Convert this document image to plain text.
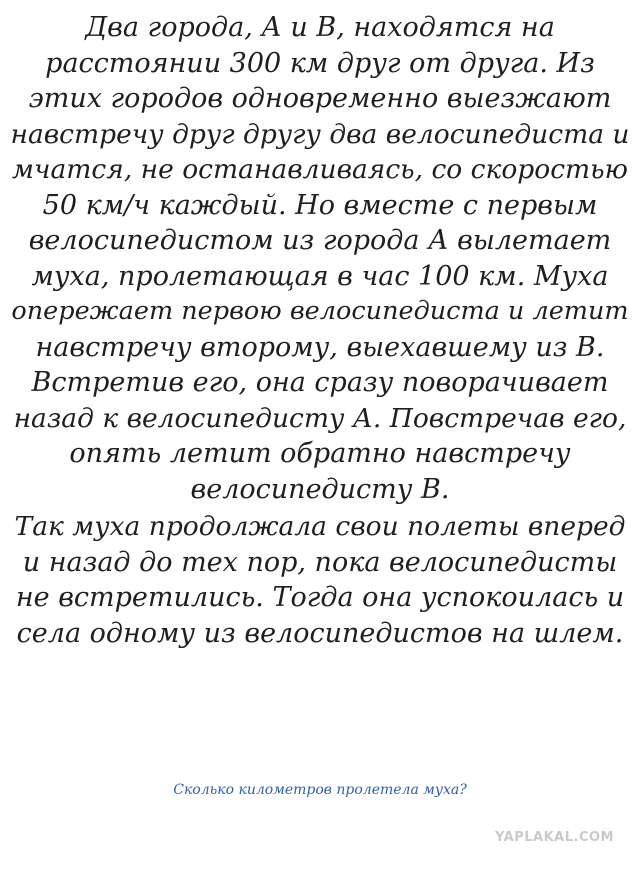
Два города, А и В, находятся на
расстоянии 300 км друг от друга. Из
этих городов одновременно выезжают
навстречу друг другу два велосипедиста и
мчатся, не останавливаясь, со скоростью
50 км/ч каждый. Но вместе с первым
велосипедистом из города А вылетает
муха, пролетающая в час 100 км. Муха
опережает первою велосипедиста и летит
навстречу второму, выехавшему из В.
Встретив его, она сразу поворачивает
назад к велосипедисту А. Повстречав его,
опять летит обратно навстречу
велосипедисту В.

Так муха продолжала свои полеты вперед
и назад до тех пор, пока велосипедисты
не встретились. Тогда она успокоилась и
села одному из велосипедистов на шлем.

Сколько километров пролетела муха?
YAPLAKAL.COM
